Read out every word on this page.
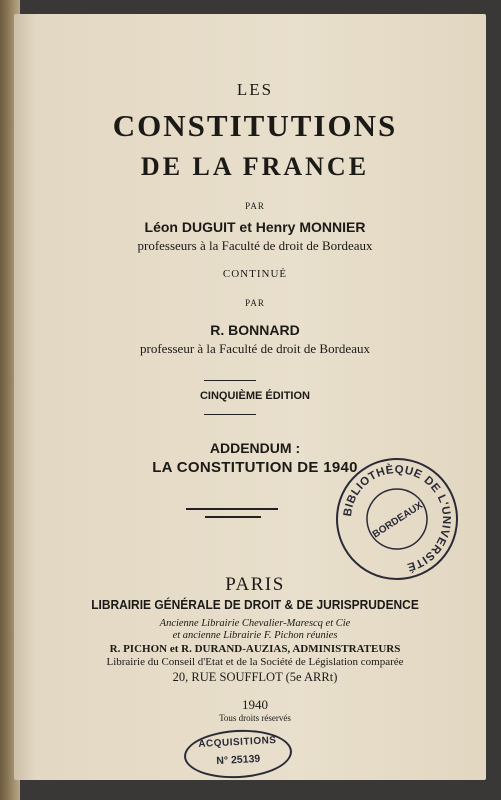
LES
CONSTITUTIONS
DE LA FRANCE
PAR
Léon DUGUIT et Henry MONNIER
professeurs à la Faculté de droit de Bordeaux
CONTINUÉ
PAR
R. BONNARD
professeur à la Faculté de droit de Bordeaux
CINQUIÈME ÉDITION
ADDENDUM :
LA CONSTITUTION DE 1940
BIBLIOTHÈQUE DE L'UNIVERSITÉ
BORDEAUX
PARIS
LIBRAIRIE GÉNÉRALE DE DROIT & DE JURISPRUDENCE
Ancienne Librairie Chevalier-Marescq et Cie
et ancienne Librairie F. Pichon réunies
R. PICHON et R. DURAND-AUZIAS, ADMINISTRATEURS
Librairie du Conseil d'Etat et de la Société de Législation comparée
20, RUE SOUFFLOT (5e ARRt)
1940
Tous droits réservés
ACQUISITIONS
N° 25139
